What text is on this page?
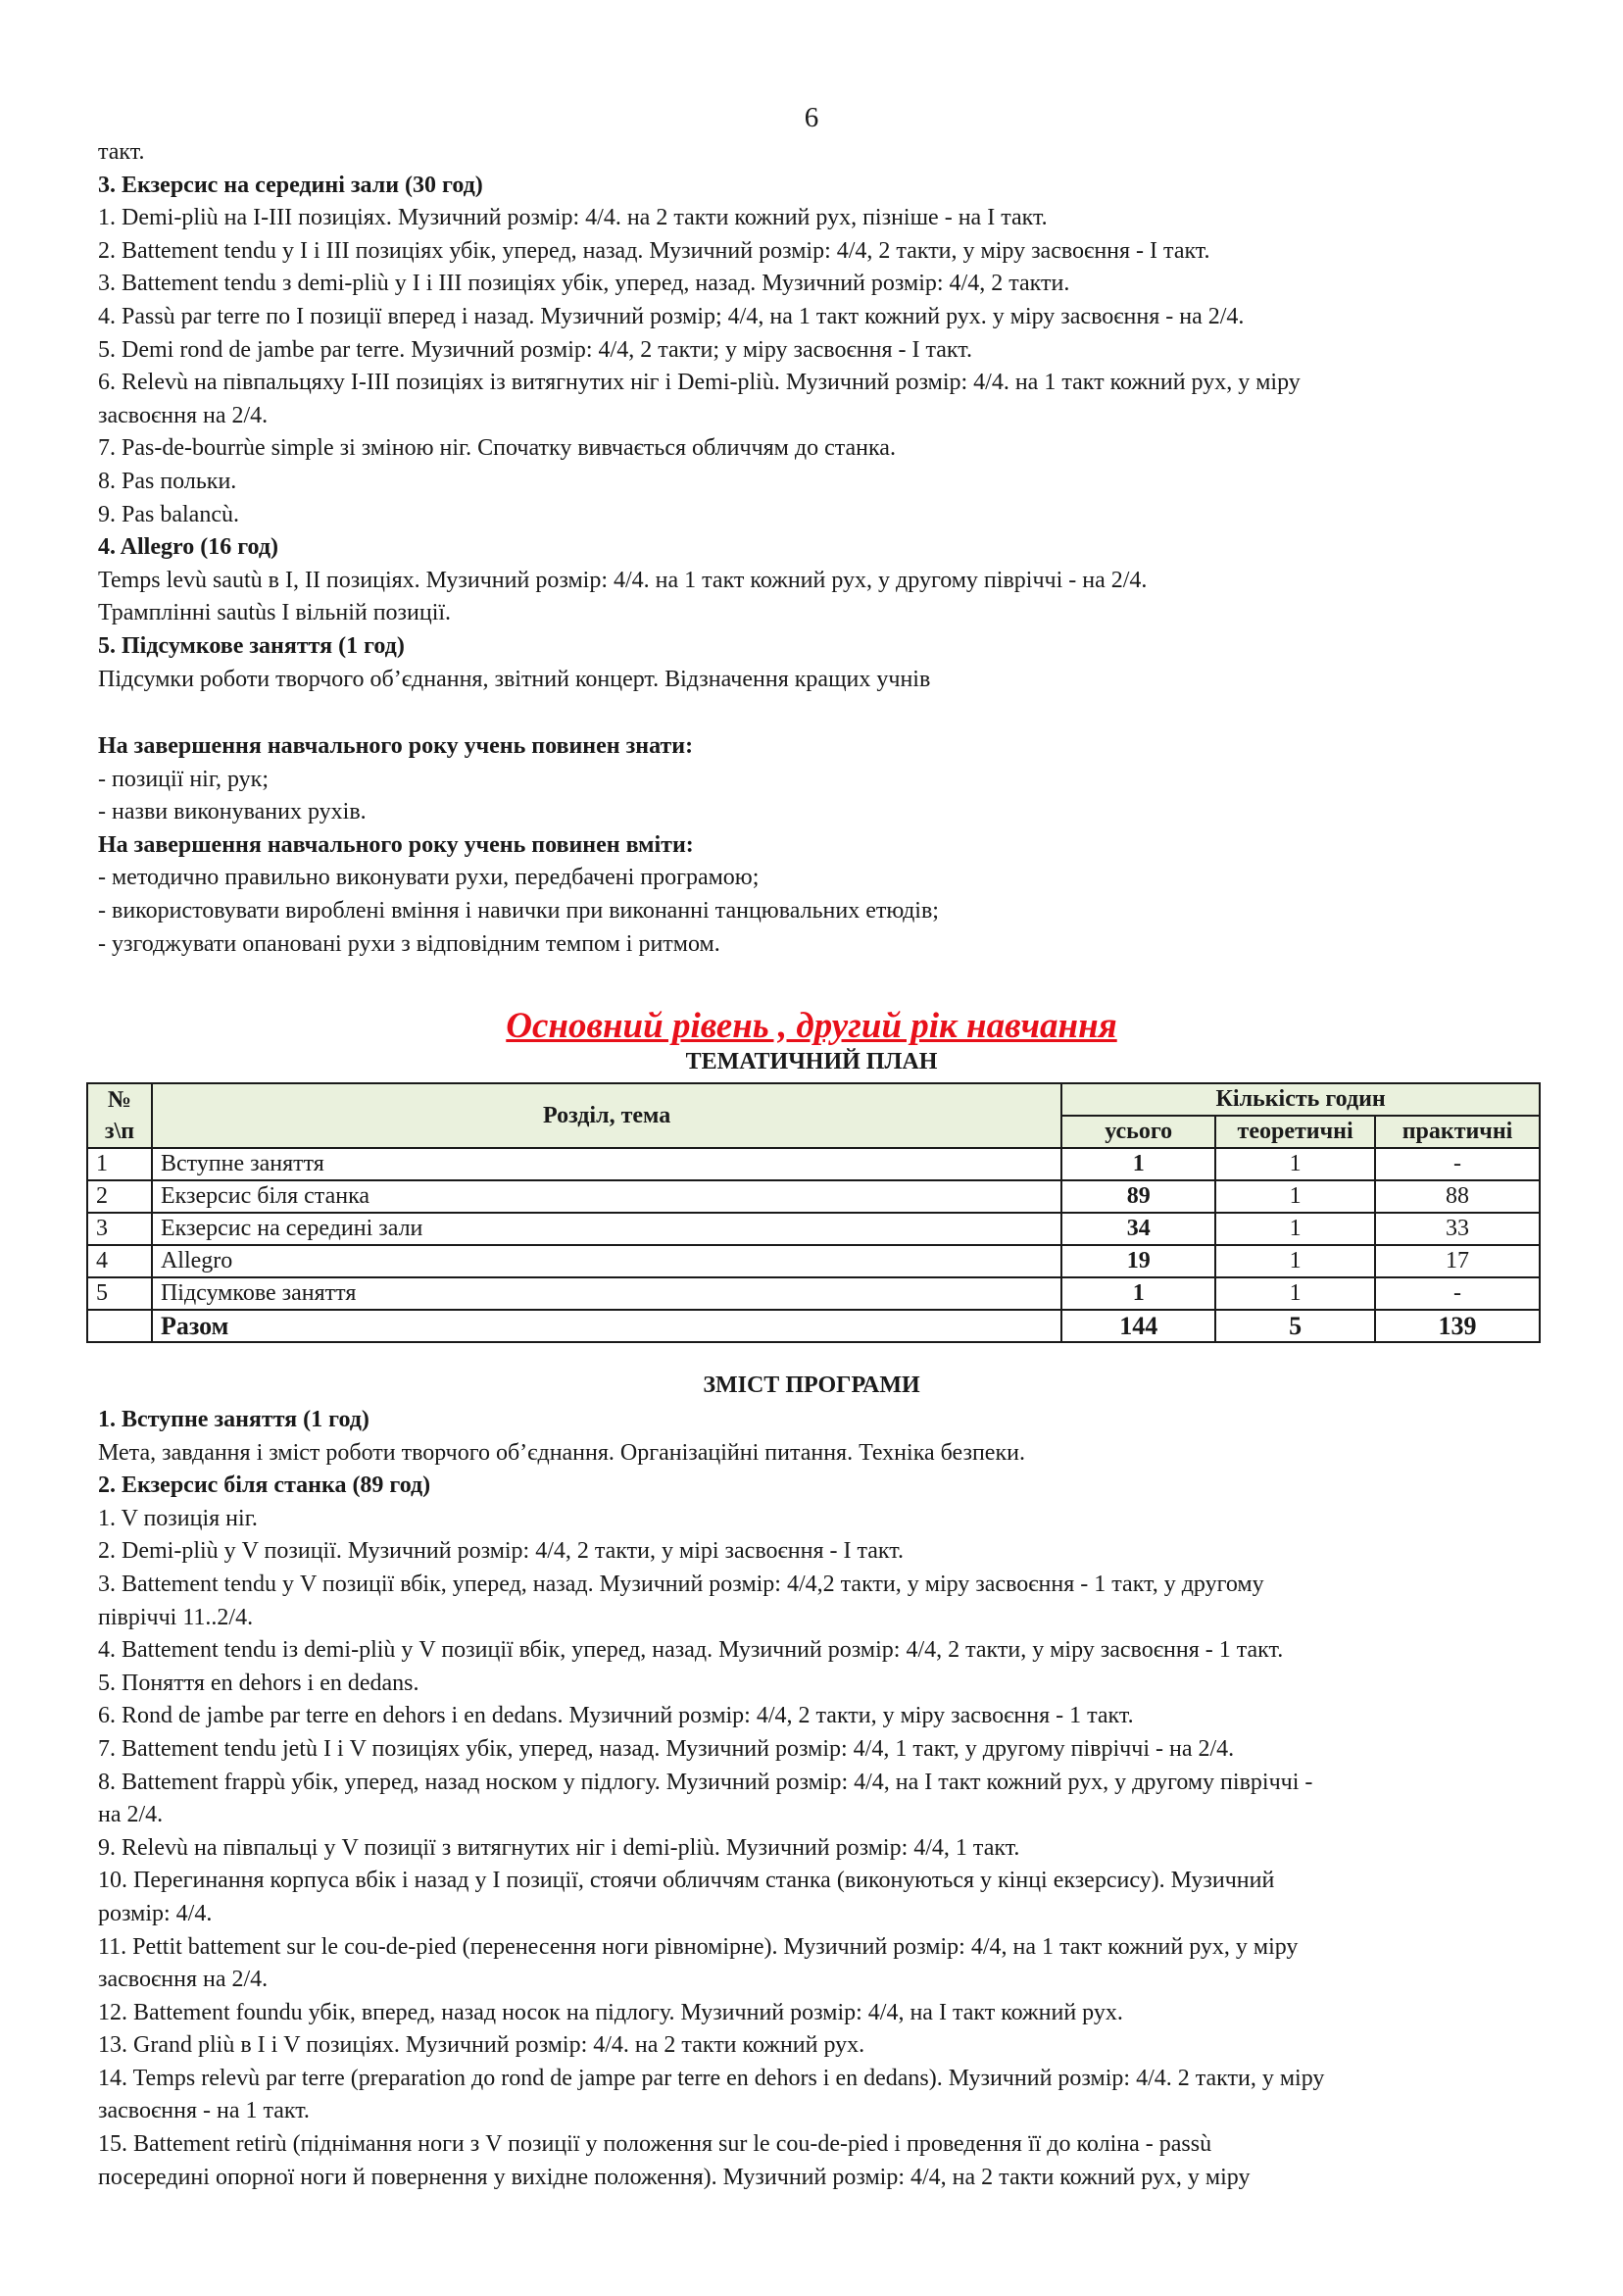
6
такт.
3. Екзерсис на середині зали (30 год)
1. Demi-pliù на I-III позиціях. Музичний розмір: 4/4. на 2 такти кожний рух, пізніше - на I такт.
2. Battement tendu у I і III позиціях убік, уперед, назад. Музичний розмір: 4/4, 2 такти, у міру засвоєння - I такт.
3. Battement tendu з demi-pliù у I і III позиціях убік, уперед, назад. Музичний розмір: 4/4, 2 такти.
4. Passù par terre по I позиції вперед і назад. Музичний розмір; 4/4, на 1 такт кожний рух. у міру засвоєння - на 2/4.
5. Demi rond de jambe par terre. Музичний розмір: 4/4, 2 такти; у міру засвоєння - I такт.
6. Relevù на півпальцяху I-III позиціях із витягнутих ніг і Demi-pliù. Музичний розмір: 4/4. на 1 такт кожний рух, у міру
засвоєння на 2/4.
7. Pas-de-bourrùe simple зі зміною ніг. Спочатку вивчається обличчям до станка.
8. Pas польки.
9. Pas balancù.
4. Allegro (16 год)
Temps levù sautù в I, II позиціях. Музичний розмір: 4/4. на 1 такт кожний рух, у другому півріччі - на 2/4.
Трамплінні sautùs I вільній позиції.
5. Підсумкове заняття (1 год)
Підсумки роботи творчого об’єднання, звітний концерт. Відзначення кращих учнів
На завершення навчального року учень повинен знати:
- позиції ніг, рук;
- назви виконуваних рухів.
На завершення навчального року учень повинен вміти:
- методично правильно виконувати рухи, передбачені програмою;
- використовувати вироблені вміння і навички при виконанні танцювальних етюдів;
- узгоджувати опановані рухи з відповідним темпом і ритмом.
Основний рівень , другий рік навчання
ТЕМАТИЧНИЙ ПЛАН
№
з\п	Розділ, тема	Кількість годин		
		усього	теоретичні	практичні
1	Вступне заняття	1	1	-
2	Екзерсис біля станка	89	1	88
3	Екзерсис на середині зали	34	1	33
4	Allegro	19	1	17
5	Підсумкове заняття	1	1	-
	Разом	144	5	139
ЗМІСТ ПРОГРАМИ
1. Вступне заняття (1 год)
Мета, завдання і зміст роботи творчого об’єднання. Організаційні питання. Техніка безпеки.
2. Екзерсис біля станка (89 год)
1. V позиція ніг.
2. Demi-pliù у V позиції. Музичний розмір: 4/4, 2 такти, у мірі засвоєння - I такт.
3. Battement tendu у V позиції вбік, уперед, назад. Музичний розмір: 4/4,2 такти, у міру засвоєння - 1 такт, у другому
півріччі 11..2/4.
4. Battement tendu із demi-pliù у V позиції вбік, уперед, назад. Музичний розмір: 4/4, 2 такти, у міру засвоєння - 1 такт.
5. Поняття en dehors і en dedans.
6. Rond de jambe par terre en dehors і en dedans. Музичний розмір: 4/4, 2 такти, у міру засвоєння - 1 такт.
7. Battement tendu jetù I і V позиціях убік, уперед, назад. Музичний розмір: 4/4, 1 такт, у другому півріччі - на 2/4.
8. Battement frappù убік, уперед, назад носком у підлогу. Музичний розмір: 4/4, на I такт кожний рух, у другому півріччі -
на 2/4.
9. Relevù на півпальці у V позиції з витягнутих ніг і demi-pliù. Музичний розмір: 4/4, 1 такт.
10. Перегинання корпуса вбік і назад у I позиції, стоячи обличчям станка (виконуються у кінці екзерсису). Музичний
розмір: 4/4.
11. Pettit battement sur le cou-de-pied (перенесення ноги рівномірне). Музичний розмір: 4/4, на 1 такт кожний рух, у міру
засвоєння на 2/4.
12. Battement foundu убік, вперед, назад носок на підлогу. Музичний розмір: 4/4, на I такт кожний рух.
13. Grand pliù в I і V позиціях. Музичний розмір: 4/4. на 2 такти кожний рух.
14. Temps relevù par terre (preparation до rond de jampe par terre en dehors і en dedans). Музичний розмір: 4/4. 2 такти, у міру
засвоєння - на 1 такт.
15. Battement retirù (піднімання ноги з V позиції у положення sur le cou-de-pied і проведення її до коліна - passù
посередині опорної ноги й повернення у вихідне положення). Музичний розмір: 4/4, на 2 такти кожний рух, у міру
